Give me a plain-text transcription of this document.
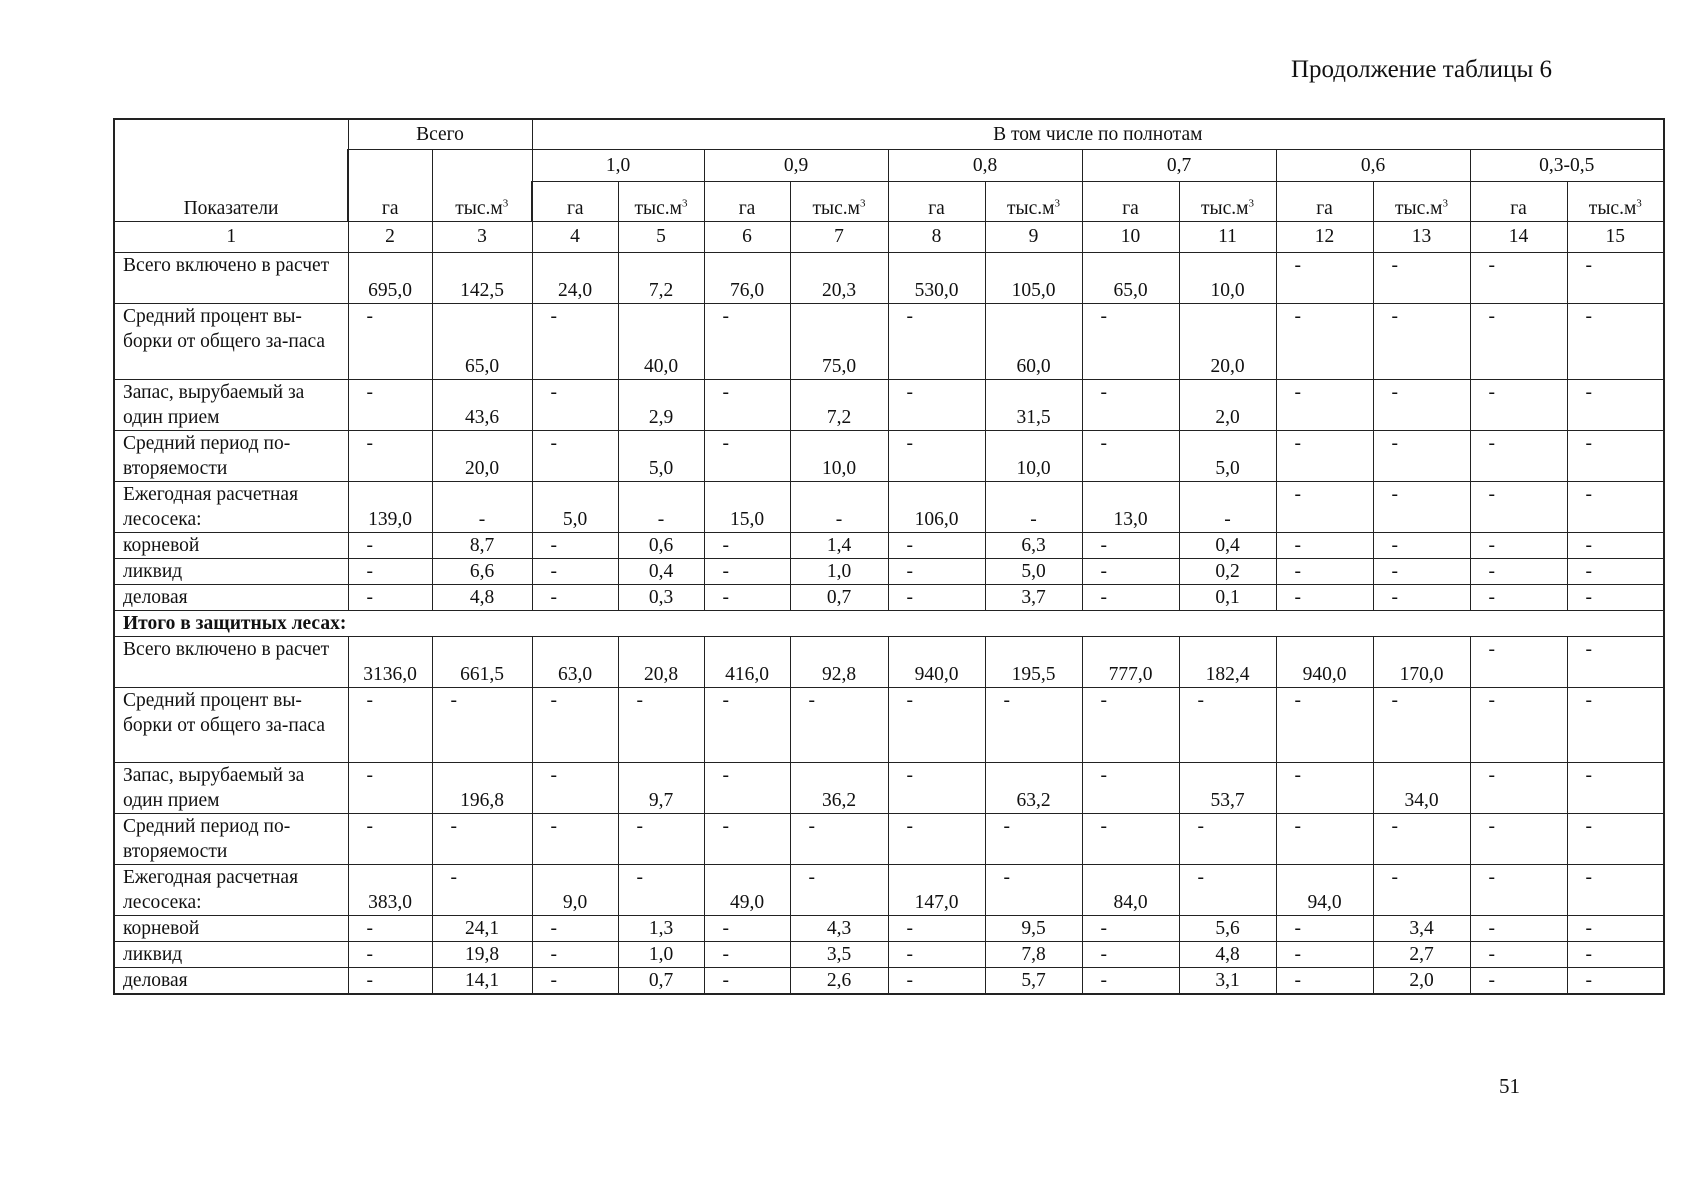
Продолжение таблицы 6
Показатели	Всего		В том числе по полнотам											
	га	$тыс.м^3$	1,0		0,9		0,8		0,7		0,6		0,3-0,5	
			га	$тыс.м^3$	га	$тыс.м^3$	га	$тыс.м^3$	га	$тыс.м^3$	га	$тыс.м^3$	га	$тыс.м^3$
1	2	3	4	5	6	7	8	9	10	11	12	13	14	15
Всего включено в расчет	695,0	142,5	24,0	7,2	76,0	20,3	530,0	105,0	65,0	10,0	-	-	-	-

Средний процент вы-борки от общего за-паса	-	65,0	-	40,0	-	75,0	-	60,0	-	20,0	-	-	-	-

Запас, вырубаемый за один прием	-	43,6	-	2,9	-	7,2	-	31,5	-	2,0	-	-	-	-

Средний период по-вторяемости	-	20,0	-	5,0	-	10,0	-	10,0	-	5,0	-	-	-	-

Ежегодная расчетная лесосека:	139,0	-	5,0	-	15,0	-	106,0	-	13,0	-	-	-	-	-

корневой	-	8,7	-	0,6	-	1,4	-	6,3	-	0,4	-	-	-	-

ликвид	-	6,6	-	0,4	-	1,0	-	5,0	-	0,2	-	-	-	-

деловая	-	4,8	-	0,3	-	0,7	-	3,7	-	0,1	-	-	-	-

Итого в защитных лесах:														
Всего включено в расчет	3136,0	661,5	63,0	20,8	416,0	92,8	940,0	195,5	777,0	182,4	940,0	170,0	-	-

Средний процент вы-борки от общего за-паса	-	-	-	-	-	-	-	-	-	-	-	-	-	-

Запас, вырубаемый за один прием	-	196,8	-	9,7	-	36,2	-	63,2	-	53,7	-	34,0	-	-

Средний период по-вторяемости	-	-	-	-	-	-	-	-	-	-	-	-	-	-

Ежегодная расчетная лесосека:	383,0	-	9,0	-	49,0	-	147,0	-	84,0	-	94,0	-	-	-

корневой	-	24,1	-	1,3	-	4,3	-	9,5	-	5,6	-	3,4	-	-

ликвид	-	19,8	-	1,0	-	3,5	-	7,8	-	4,8	-	2,7	-	-

деловая	-	14,1	-	0,7	-	2,6	-	5,7	-	3,1	-	2,0	-	-
51
